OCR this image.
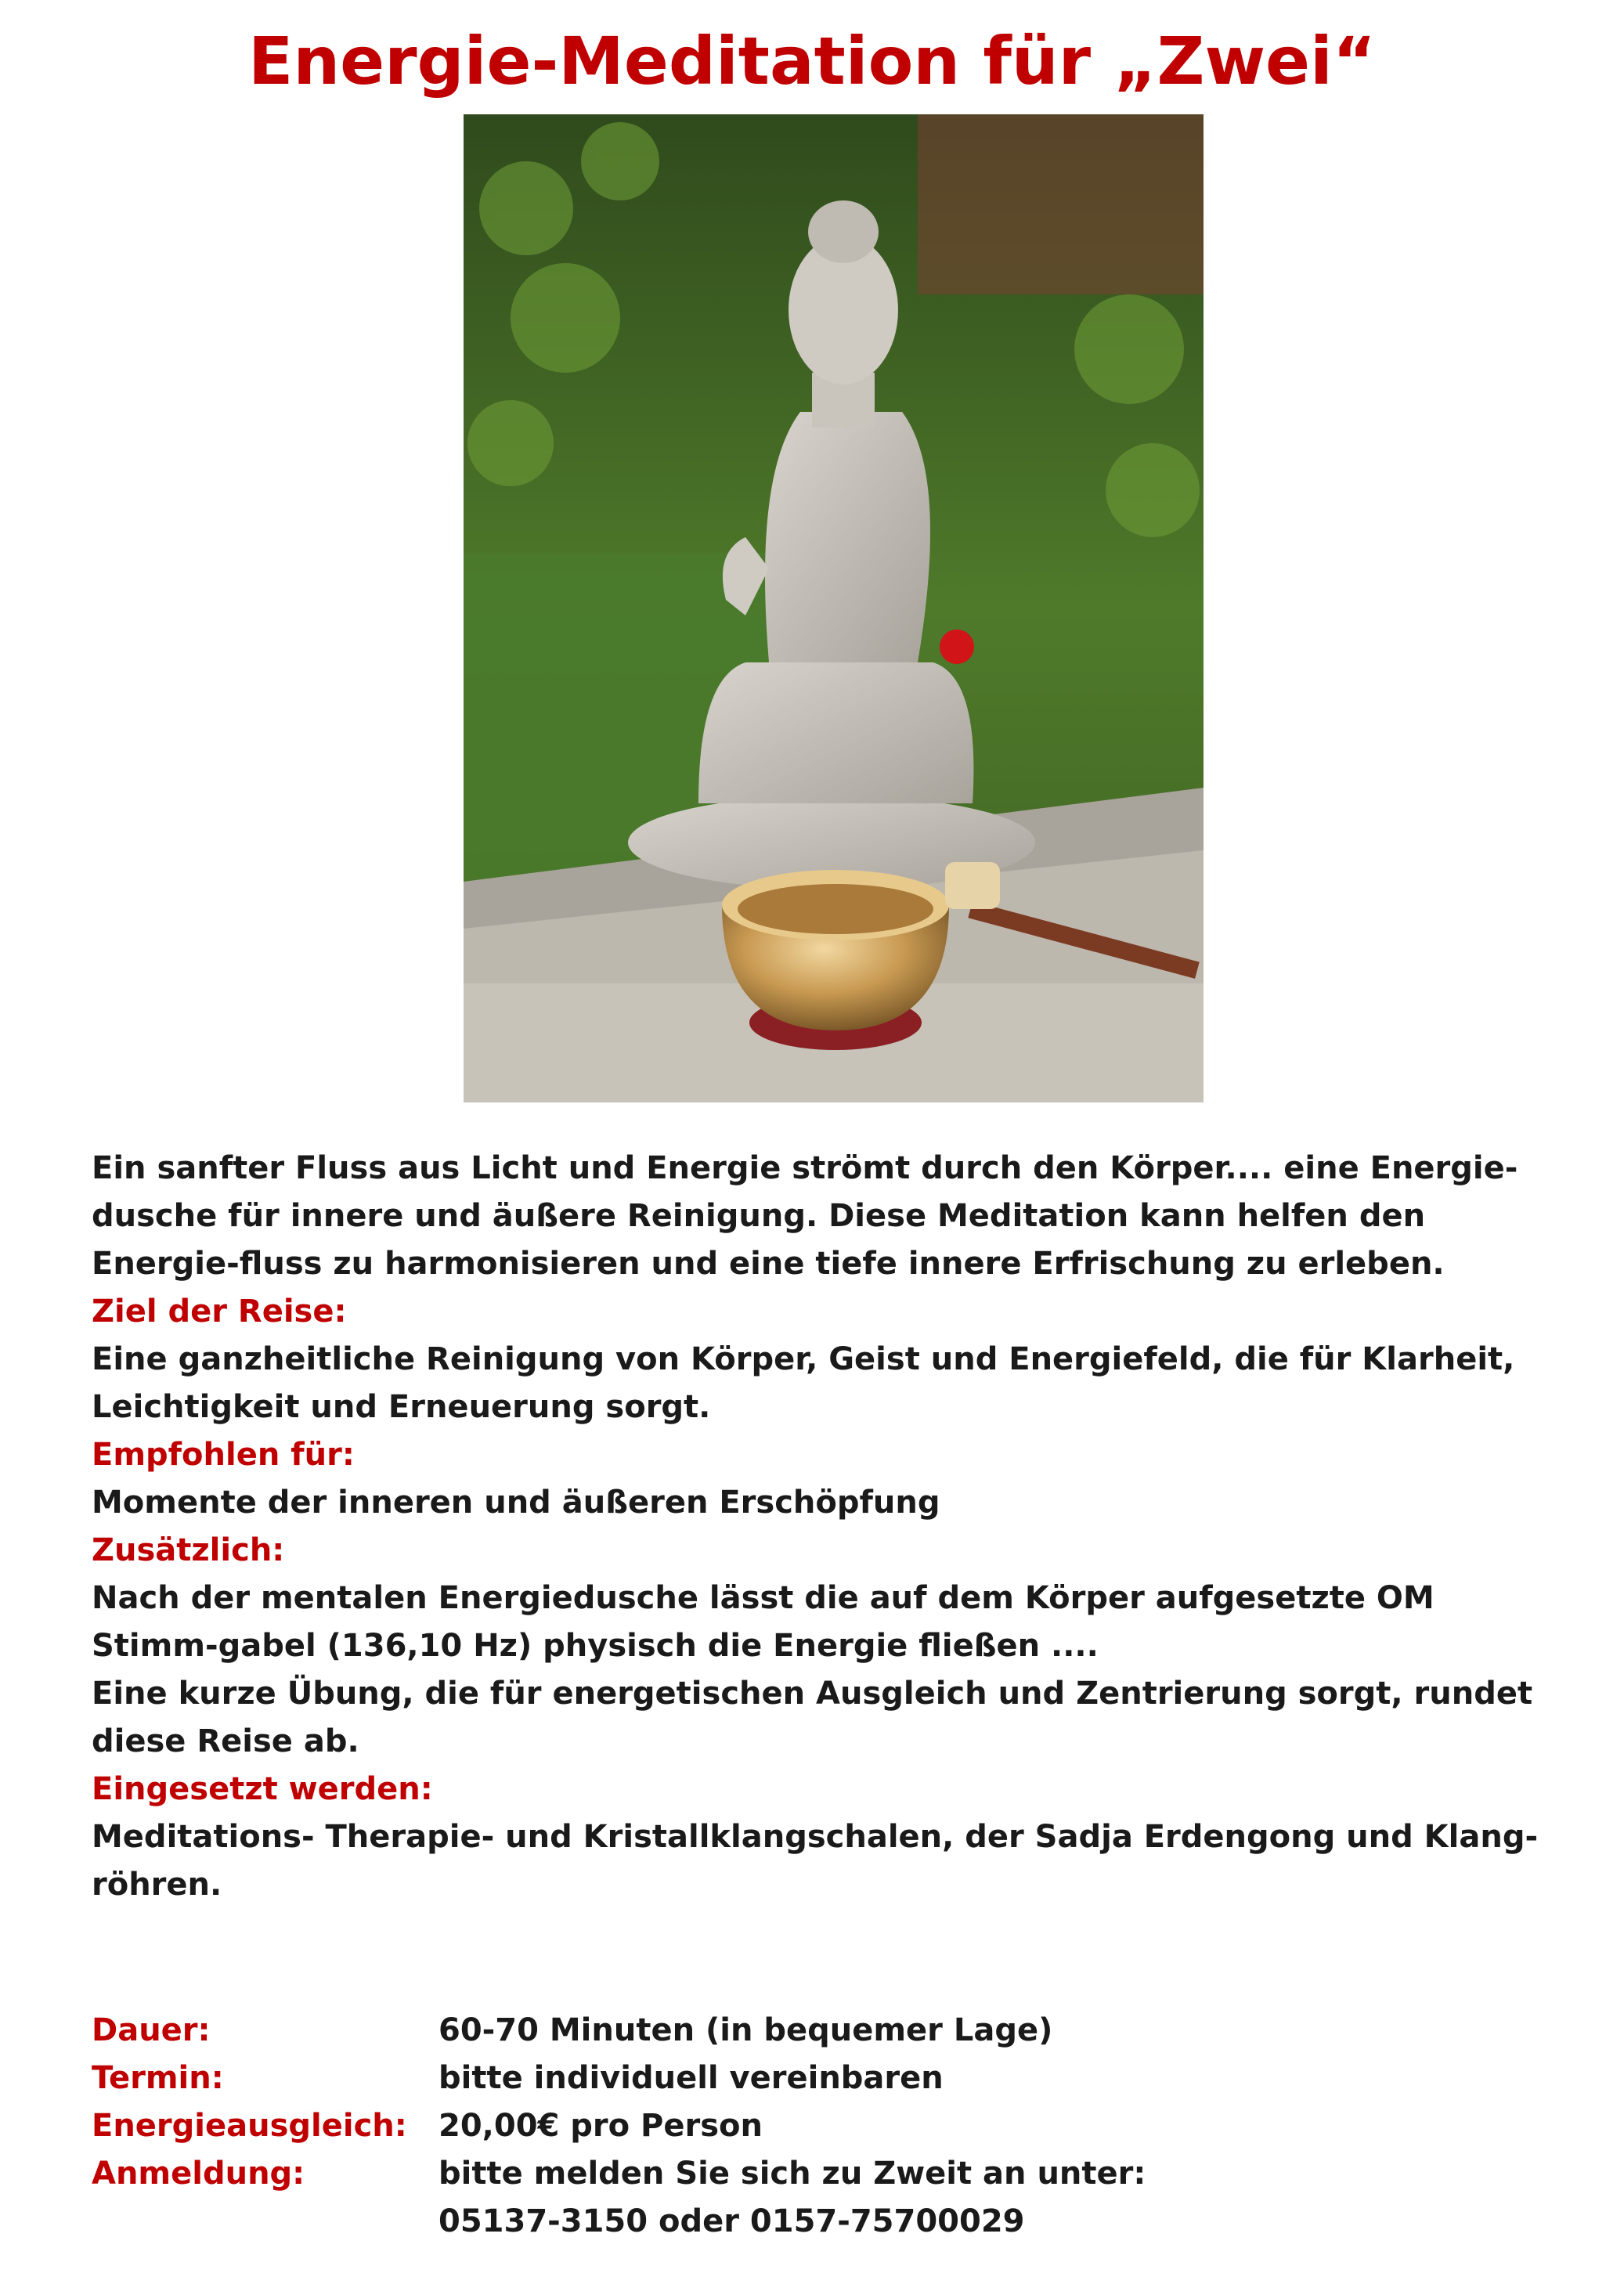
Energie-Meditation für „Zwei“

Ein sanfter Fluss aus Licht und Energie strömt durch den Körper.... eine Energie-dusche für innere und äußere Reinigung. Diese Meditation kann helfen den Energie-fluss zu harmonisieren und eine tiefe innere Erfrischung zu erleben.

Ziel der Reise:

Eine ganzheitliche Reinigung von Körper, Geist und Energiefeld, die für Klarheit, Leichtigkeit und Erneuerung sorgt.

Empfohlen für:

Momente der inneren und äußeren Erschöpfung

Zusätzlich:

Nach der mentalen Energiedusche lässt die auf dem Körper aufgesetzte OM Stimm-gabel (136,10 Hz) physisch die Energie fließen ....

Eine kurze Übung, die für energetischen Ausgleich und Zentrierung sorgt, rundet diese Reise ab.

Eingesetzt werden:

Meditations- Therapie- und Kristallklangschalen, der Sadja Erdengong und Klang-röhren.

Dauer:	60-70 Minuten (in bequemer Lage)
Termin:	bitte individuell vereinbaren
Energieausgleich:	20,00€ pro Person
Anmeldung:	bitte melden Sie sich zu Zweit an unter:
05137-3150 oder 0157-75700029
